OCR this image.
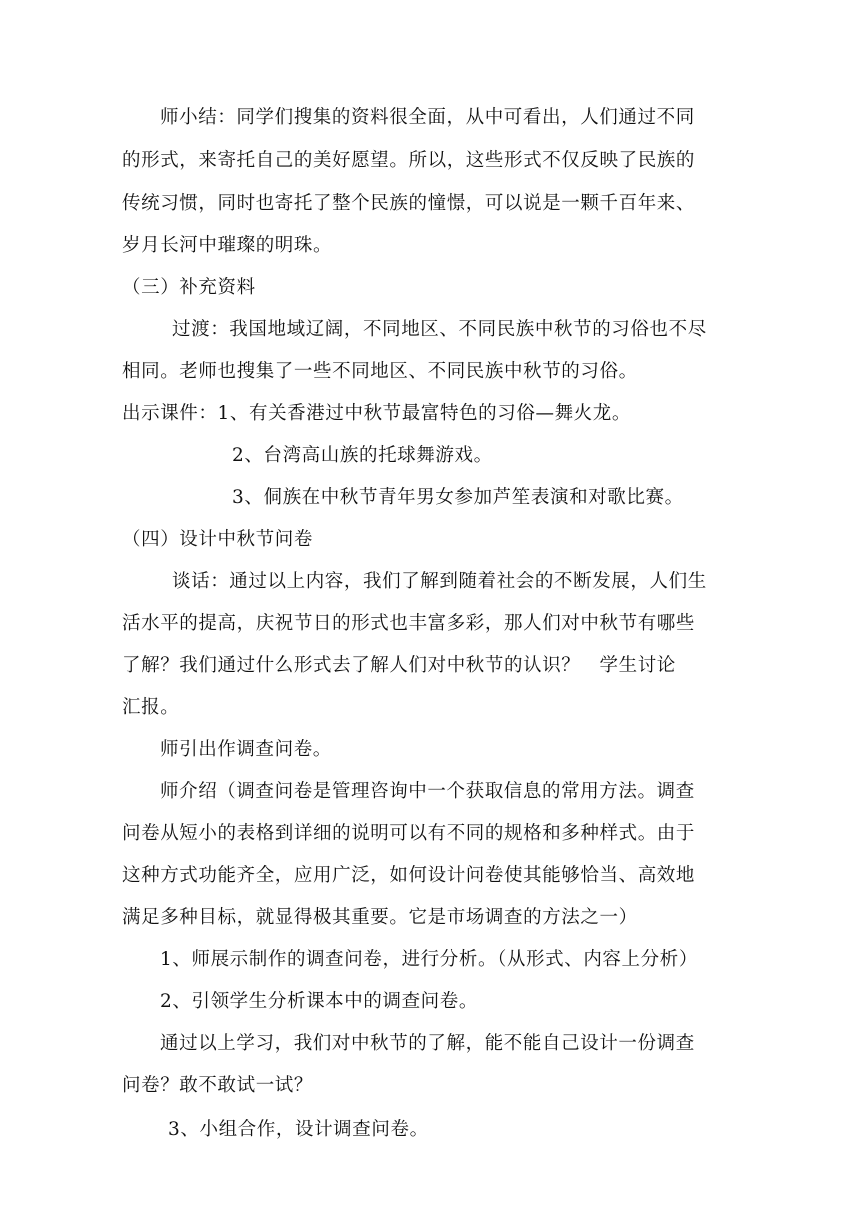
师小结：同学们搜集的资料很全面，从中可看出，人们通过不同
的形式，来寄托自己的美好愿望。所以，这些形式不仅反映了民族的
传统习惯，同时也寄托了整个民族的憧憬，可以说是一颗千百年来、
岁月长河中璀璨的明珠。
（三）补充资料
过渡：我国地域辽阔，不同地区、不同民族中秋节的习俗也不尽
相同。老师也搜集了一些不同地区、不同民族中秋节的习俗。
出示课件：1、有关香港过中秋节最富特色的习俗—舞火龙。
2、台湾高山族的托球舞游戏。
3、侗族在中秋节青年男女参加芦笙表演和对歌比赛。
（四）设计中秋节问卷
谈话：通过以上内容，我们了解到随着社会的不断发展，人们生
活水平的提高，庆祝节日的形式也丰富多彩，那人们对中秋节有哪些
了解？我们通过什么形式去了解人们对中秋节的认识？　学生讨论
汇报。
师引出作调查问卷。
师介绍（调查问卷是管理咨询中一个获取信息的常用方法。调查
问卷从短小的表格到详细的说明可以有不同的规格和多种样式。由于
这种方式功能齐全，应用广泛，如何设计问卷使其能够恰当、高效地
满足多种目标，就显得极其重要。它是市场调查的方法之一）
1、师展示制作的调查问卷，进行分析。（从形式、内容上分析）
2、引领学生分析课本中的调查问卷。
通过以上学习，我们对中秋节的了解，能不能自己设计一份调查
问卷？敢不敢试一试？
3、小组合作，设计调查问卷。
